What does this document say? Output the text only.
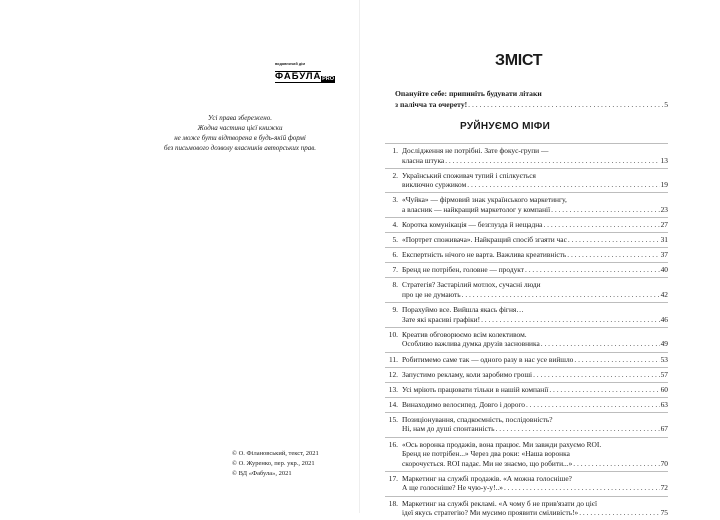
видавничий дім
ФАБУЛА PRO
Усі права збережено.
Жодна частина цієї книжки
не може бути відтворена в будь-якій формі
без письмового дозволу власників авторських прав.
© О. Філановський, текст, 2021
© О. Журенко, пер. укр., 2021
© ВД «Фабула», 2021
ЗМІСТ
Опануйте себе: припиніть будувати літаки
з палічча та очерету! . . .	5
РУЙНУЄМО МІФИ
1. Дослідження не потрібні. Зате фокус-групи —
класна штука . . .	13
2. Український споживач тупий і спілкується
виключно суржиком . . .	19
3. «Чуйка» — фірмовий знак українського маркетингу,
а власник — найкращий маркетолог у компанії . . .	23
4. Коротка комунікація — безглузда й нещадна . . .	27
5. «Портрет споживача». Найкращий спосіб згаяти час . . .	31
6. Експертність нічого не варта. Важлива креативність . . .	37
7. Бренд не потрібен, головне — продукт . . .	40
8. Стратегія? Застарілий мотлох, сучасні люди
про це не думають . . .	42
9. Порахуймо все. Вийшла якась фігня…
Зате які красиві графіки! . . .	46
10. Креатив обговорюємо всім колективом.
Особливо важлива думка друзів засновника . . .	49
11. Робитимемо саме так — одного разу в нас усе вийшло . . .	53
12. Запустимо рекламу, коли заробимо гроші . . .	57
13. Усі мріють працювати тільки в нашій компанії . . .	60
14. Винаходимо велосипед. Довго і дорого . . .	63
15. Позиціонування, спадкоємність, послідовність?
Ні, нам до душі спонтанність . . .	67
16. «Ось воронка продажів, вона працює. Ми завжди рахуємо ROI.
Бренд не потрібен...» Через два роки: «Наша воронка
скорочується. ROI падає. Ми не знаємо, що робити...» . . .	70
17. Маркетинг на службі продажів. «А можна голосніше?
А ще голосніше? Не чую-у-у!..» . . .	72
18. Маркетинг на службі рекламі. «А чому б не прив'язати до цієї
ідеї якусь стратегію? Ми мусимо проявити сміливість!» . . .	75
